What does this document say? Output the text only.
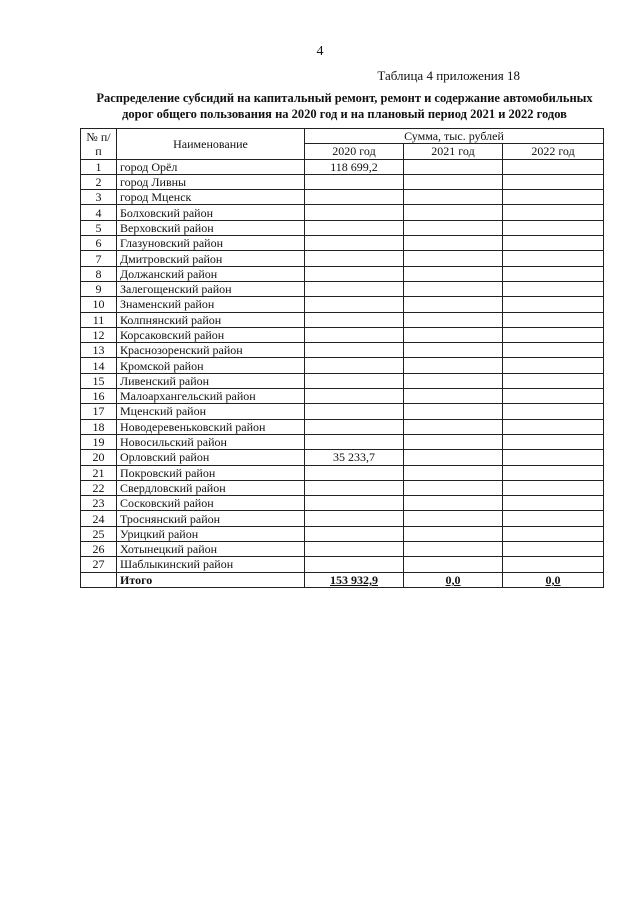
4
Таблица 4 приложения 18
Распределение субсидий на капитальный ремонт, ремонт и содержание автомобильных дорог общего пользования на 2020 год и на плановый период 2021 и 2022 годов
№ п/п	Наименование	Сумма, тыс. рублей		
		2020 год	2021 год	2022 год
1	город Орёл	118 699,2		
2	город Ливны			
3	город Мценск			
4	Болховский район			
5	Верховский район			
6	Глазуновский район			
7	Дмитровский район			
8	Должанский район			
9	Залегощенский район			
10	Знаменский район			
11	Колпнянский район			
12	Корсаковский район			
13	Краснозоренский район			
14	Кромской район			
15	Ливенский район			
16	Малоархангельский район			
17	Мценский район			
18	Новодеревеньковский район			
19	Новосильский район			
20	Орловский район	35 233,7		
21	Покровский район			
22	Свердловский район			
23	Сосковский район			
24	Троснянский район			
25	Урицкий район			
26	Хотынецкий район			
27	Шаблыкинский район			
	Итого	153 932,9	0,0	0,0
